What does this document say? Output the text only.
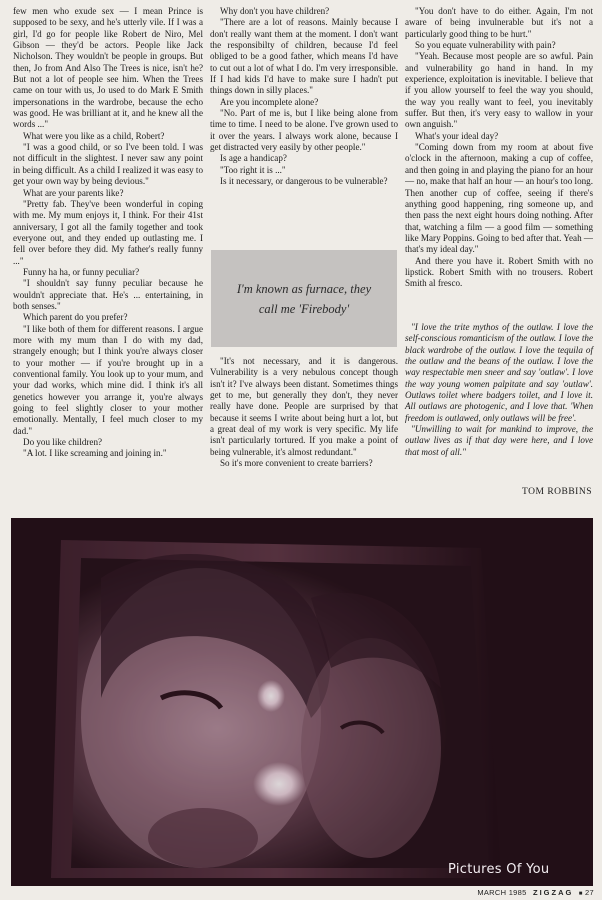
few men who exude sex — I mean Prince is supposed to be sexy, and he's utterly vile. If I was a girl, I'd go for people like Robert de Niro, Mel Gibson — they'd be actors. People like Jack Nicholson. They wouldn't be people in groups. But then, Jo from And Also The Trees is nice, isn't he? But not a lot of people see him. When the Trees came on tour with us, Jo used to do Mark E Smith impersonations in the wardrobe, because the echo was good. He was brilliant at it, and he knew all the words ..."

What were you like as a child, Robert?

"I was a good child, or so I've been told. I was not difficult in the slightest. I never saw any point in being difficult. As a child I realized it was easy to get your own way by being devious."

What are your parents like?

"Pretty fab. They've been wonderful in coping with me. My mum enjoys it, I think. For their 41st anniversary, I got all the family together and took everyone out, and they ended up outlasting me. I fell over before they did. My father's really funny ..."

Funny ha ha, or funny peculiar?

"I shouldn't say funny peculiar because he wouldn't appreciate that. He's ... entertaining, in both senses."

Which parent do you prefer?

"I like both of them for different reasons. I argue more with my mum than I do with my dad, strangely enough; but I think you're always closer to your mother — if you're brought up in a conventional family. You look up to your mum, and your dad works, which mine did. I think it's all genetics however you arrange it, you're always going to feel slightly closer to your mother emotionally. Mentally, I feel much closer to my dad."

Do you like children?

"A lot. I like screaming and joining in."

Why don't you have children?

"There are a lot of reasons. Mainly because I don't really want them at the moment. I don't want the responsibilty of children, because I'd feel obliged to be a good father, which means I'd have to cut out a lot of what I do. I'm very irresponsible. If I had kids I'd have to make sure I hadn't put things down in silly places."

Are you incomplete alone?

"No. Part of me is, but I like being alone from time to time. I need to be alone. I've grown used to it over the years. I always work alone, because I get distracted very easily by other people."

Is age a handicap?

"Too right it is ..."

Is it necessary, or dangerous to be vulnerable?

I'm known as furnace, they
call me 'Firebody'

"It's not necessary, and it is dangerous. Vulnerability is a very nebulous concept though isn't it? I've always been distant. Sometimes things get to me, but generally they don't, they never really have done. People are surprised by that because it seems I write about being hurt a lot, but a great deal of my work is very specific. My life isn't particularly tortured. If you make a point of being vulnerable, it's almost redundant."

So it's more convenient to create barriers?

"You don't have to do either. Again, I'm not aware of being invulnerable but it's not a particularly good thing to be hurt."

So you equate vulnerability with pain?

"Yeah. Because most people are so awful. Pain and vulnerability go hand in hand. In my experience, exploitation is inevitable. I believe that if you allow yourself to feel the way you should, the way you really want to feel, you inevitably suffer. But then, it's very easy to wallow in your own anguish."

What's your ideal day?

"Coming down from my room at about five o'clock in the afternoon, making a cup of coffee, and then going in and playing the piano for an hour — no, make that half an hour — an hour's too long. Then another cup of coffee, seeing if there's anything good happening, ring someone up, and then pass the next eight hours doing nothing. After that, watching a film — a good film — something like Mary Poppins. Going to bed after that. Yeah — that's my ideal day."

And there you have it. Robert Smith with no lipstick. Robert Smith with no trousers. Robert Smith al fresco.

"I love the trite mythos of the outlaw. I love the self-conscious romanticism of the outlaw. I love the black wardrobe of the outlaw. I love the tequila of the outlaw and the beans of the outlaw. I love the way respectable men sneer and say 'outlaw'. I love the way young women palpitate and say 'outlaw'. Outlaws toilet where badgers toilet, and I love it. All outlaws are photogenic, and I love that. 'When freedom is outlawed, only outlaws will be free'.

"Unwilling to wait for mankind to improve, the outlaw lives as if that day were here, and I love that most of all."

TOM ROBBINS
Pictures Of You
MARCH 1985 ZIGZAG ■ 27
